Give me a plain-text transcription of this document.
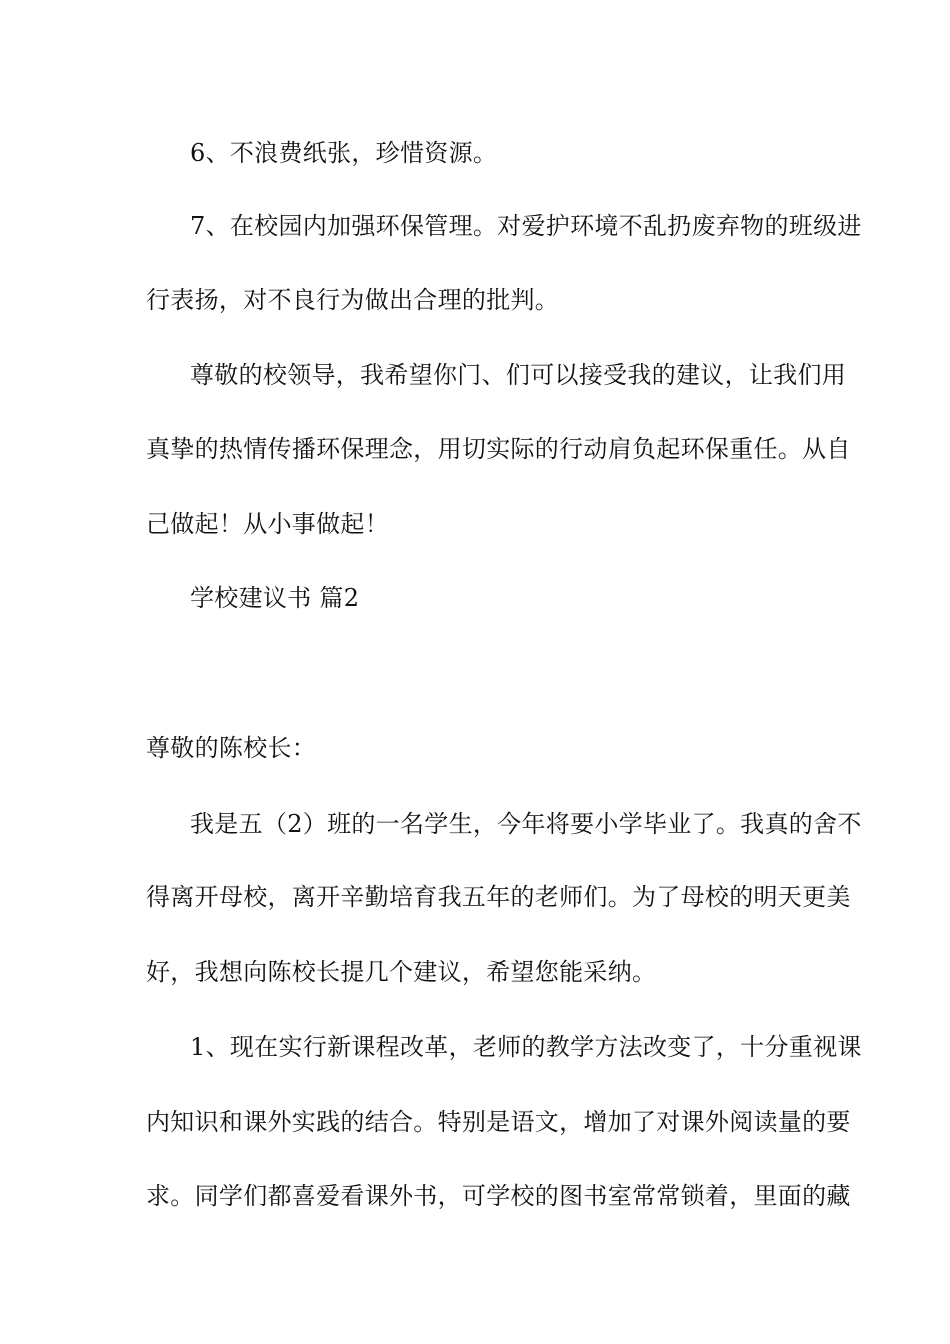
6、不浪费纸张，珍惜资源。
7、在校园内加强环保管理。对爱护环境不乱扔废弃物的班级进
行表扬，对不良行为做出合理的批判。
尊敬的校领导，我希望你门、们可以接受我的建议，让我们用
真挚的热情传播环保理念，用切实际的行动肩负起环保重任。从自
己做起！从小事做起！
学校建议书 篇2
尊敬的陈校长：
我是五（2）班的一名学生，今年将要小学毕业了。我真的舍不
得离开母校，离开辛勤培育我五年的老师们。为了母校的明天更美
好，我想向陈校长提几个建议，希望您能采纳。
1、现在实行新课程改革，老师的教学方法改变了，十分重视课
内知识和课外实践的结合。特别是语文，增加了对课外阅读量的要
求。同学们都喜爱看课外书，可学校的图书室常常锁着，里面的藏
